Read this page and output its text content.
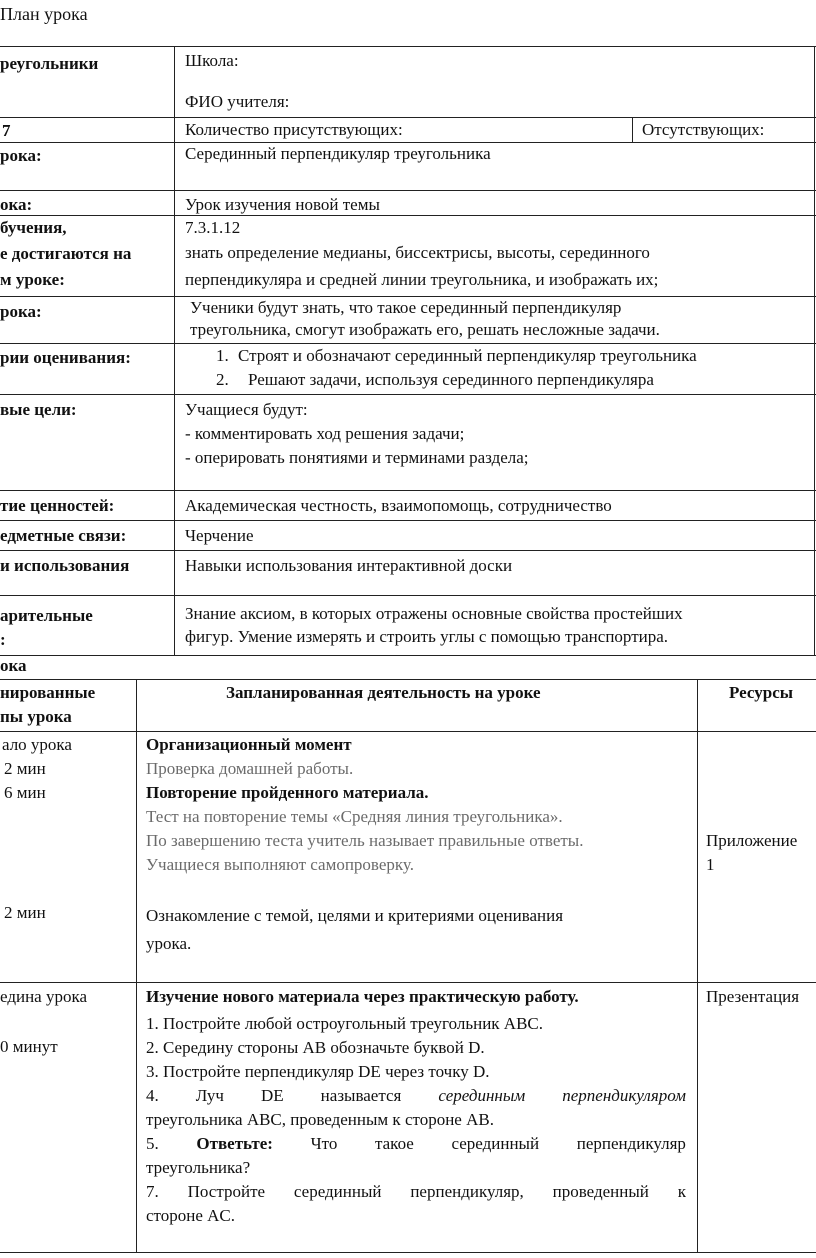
План урока
реугольники
7
рока:
ока:
бучения,
е достигаются на
м уроке:
рока:
рии оценивания:
вые цели:
тие ценностей:
едметные связи:
и использования
арительные
:
Школа:
ФИО учителя:
Количество присутствующих:	Отсутствующих:
Серединный перпендикуляр треугольника
Урок изучения новой темы
7.3.1.12
знать определение медианы, биссектрисы, высоты, серединного
перпендикуляра и средней линии треугольника, и изображать их;
Ученики будут знать, что такое серединный перпендикуляр
треугольника, смогут изображать его, решать несложные задачи.
1. Строят и обозначают серединный перпендикуляр треугольника
2. Решают задачи, используя серединного перпендикуляра
Учащиеся будут:
- комментировать ход решения задачи;
- оперировать понятиями и терминами раздела;
Академическая честность, взаимопомощь, сотрудничество
Черчение
Навыки использования интерактивной доски
Знание аксиом, в которых отражены основные свойства простейших
фигур. Умение измерять и строить углы с помощью транспортира.
ока
нированные
пы урока
Запланированная деятельность на уроке	Ресурсы
ало урока
2 мин
6 мин
2 мин
Организационный момент
Проверка домашней работы.
Повторение пройденного материала.
Тест на повторение темы «Средняя линия треугольника».
По завершению теста учитель называет правильные ответы.
Учащиеся выполняют самопроверку.
Ознакомление с темой, целями и критериями оценивания
урока.
Приложение
1
едина урока
0 минут
Изучение нового материала через практическую работу.
1. Постройте любой остроугольный треугольник ABC.
2. Середину стороны AB обозначьте буквой D.
3. Постройте перпендикуляр DE через точку D.
4. Луч DE называется серединным перпендикуляром
треугольника ABC, проведенным к стороне AB.
5. Ответьте: Что такое серединный перпендикуляр
треугольника?
7. Постройте серединный перпендикуляр, проведенный к
стороне AC.
Презентация
